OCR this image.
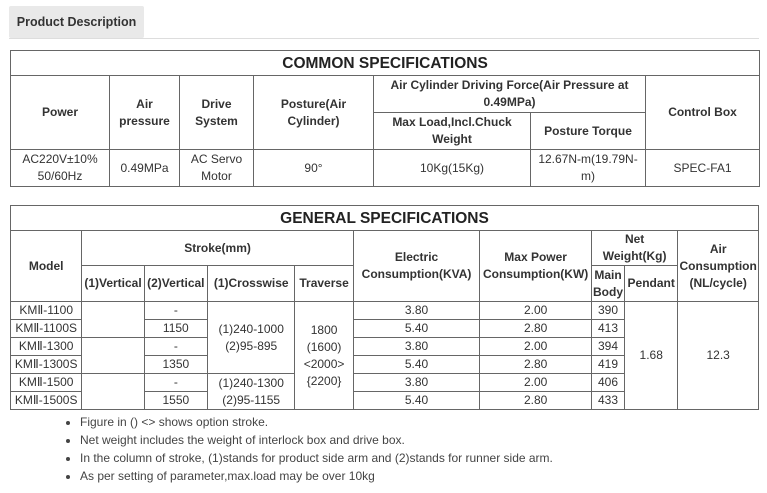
Product Description
COMMON SPECIFICATIONS						
Power	Air pressure	Drive System	Posture(Air Cylinder)	Air Cylinder Driving Force(Air Pressure at 0.49MPa)		Control Box
				Max Load,Incl.Chuck Weight	Posture Torque	
AC220V±10% 50/60Hz	0.49MPa	AC Servo Motor	90°	10Kg(15Kg)	12.67N-m(19.79N-m)	SPEC-FA1
GENERAL SPECIFICATIONS									
Model	Stroke(mm)				Electric Consumption(KVA)	Max Power Consumption(KW)	Net Weight(Kg)		Air Consumption (NL/cycle)
	(1)Vertical	(2)Vertical	(1)Crosswise	Traverse			Main Body	Pendant	

KMⅡ-1100		-	(1)240-1000 (2)95-895	1800 (1600) <2000> {2200}	3.80	2.00	390	1.68	12.3
KMⅡ-1100S		1150			5.40	2.80	413		
KMⅡ-1300		-			3.80	2.00	394		
KMⅡ-1300S		1350			5.40	2.80	419		
KMⅡ-1500		-	(1)240-1300 (2)95-1155		3.80	2.00	406		
KMⅡ-1500S		1550			5.40	2.80	433		
• Figure in () <> shows option stroke.
• Net weight includes the weight of interlock box and drive box.
• In the column of stroke, (1)stands for product side arm and (2)stands for runner side arm.
• As per setting of parameter,max.load may be over 10kg
